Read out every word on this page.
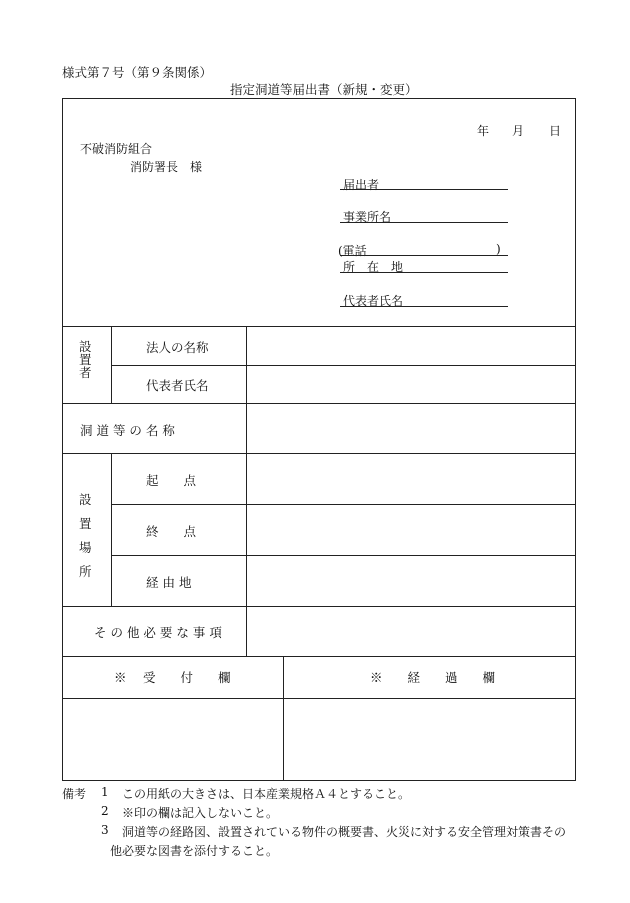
様式第７号（第９条関係）
指定洞道等届出書（新規・変更）
年 月 日
不破消防組合
消防署長　様
届出者
事業所名
(電話	)
所　在　地
代表者氏名
設
置
者
法人の名称
代表者氏名
洞 道 等 の 名 称
設
置
場
所
起　　点
終　　点
経 由 地
そ の 他 必 要 な 事 項
※　 受　　付　　欄	※　　経　　過　　欄
備考 1 この用紙の大きさは、日本産業規格Ａ４とすること。
2 ※印の欄は記入しないこと。
3 洞道等の経路図、設置されている物件の概要書、火災に対する安全管理対策書その
他必要な図書を添付すること。
